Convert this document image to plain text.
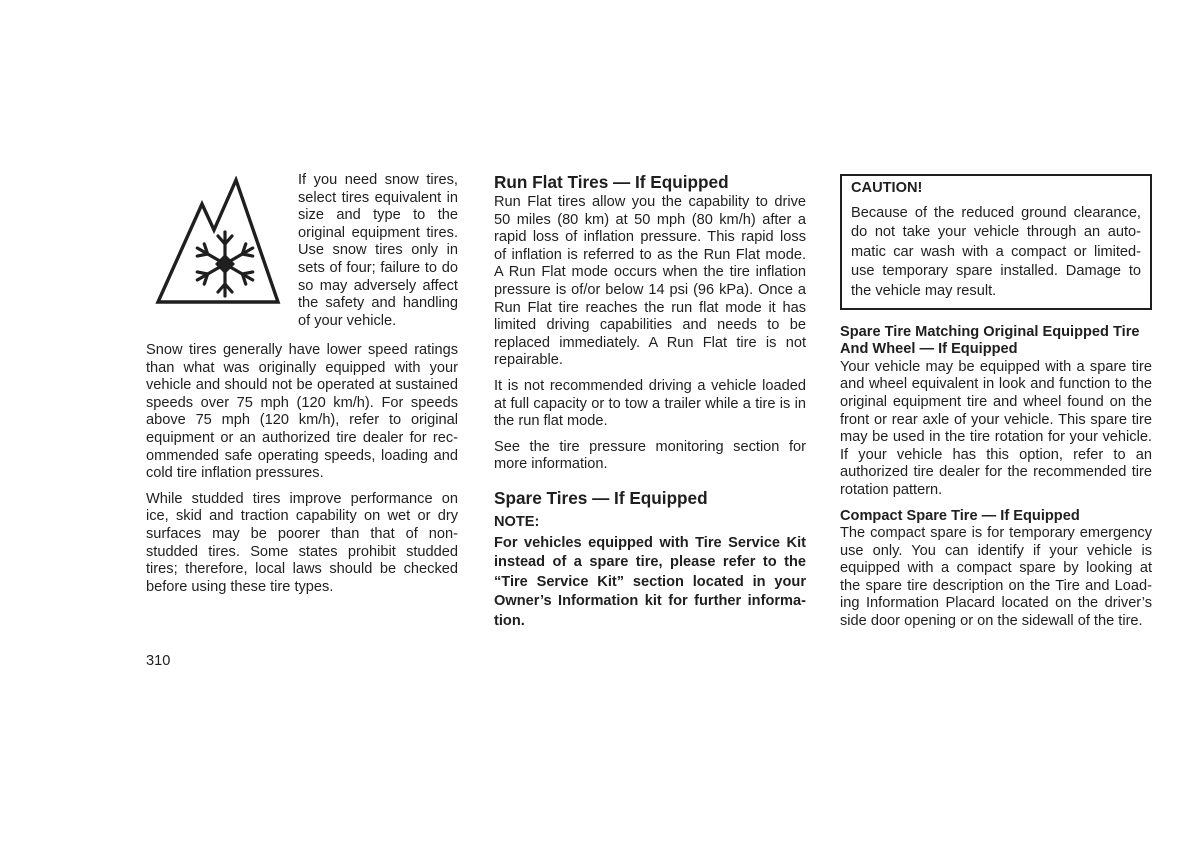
If you need snow tires, select tires equivalent in size and type to the original equipment tires. Use snow tires only in sets of four; failure to do so may adversely affect the safety and handling of your vehicle.

Snow tires generally have lower speed ratings than what was originally equipped with your vehicle and should not be operated at sustained speeds over 75 mph (120 km/h). For speeds above 75 mph (120 km/h), refer to original equipment or an authorized tire dealer for rec-ommended safe operating speeds, loading and cold tire inflation pressures.

While studded tires improve performance on ice, skid and traction capability on wet or dry surfaces may be poorer than that of non-studded tires. Some states prohibit studded tires; therefore, local laws should be checked before using these tire types.

Run Flat Tires — If Equipped

Run Flat tires allow you the capability to drive 50 miles (80 km) at 50 mph (80 km/h) after a rapid loss of inflation pressure. This rapid loss of inflation is referred to as the Run Flat mode. A Run Flat mode occurs when the tire inflation pressure is of/or below 14 psi (96 kPa). Once a Run Flat tire reaches the run flat mode it has limited driving capabilities and needs to be replaced immediately. A Run Flat tire is not repairable.

It is not recommended driving a vehicle loaded at full capacity or to tow a trailer while a tire is in the run flat mode.

See the tire pressure monitoring section for more information.

Spare Tires — If Equipped
NOTE:
For vehicles equipped with Tire Service Kit instead of a spare tire, please refer to the “Tire Service Kit” section located in your Owner’s Information kit for further informa-tion.
CAUTION!
Because of the reduced ground clearance, do not take your vehicle through an auto-matic car wash with a compact or limited-use temporary spare installed. Damage to the vehicle may result.
Spare Tire Matching Original Equipped Tire And Wheel — If Equipped

Your vehicle may be equipped with a spare tire and wheel equivalent in look and function to the original equipment tire and wheel found on the front or rear axle of your vehicle. This spare tire may be used in the tire rotation for your vehicle. If your vehicle has this option, refer to an authorized tire dealer for the recommended tire rotation pattern.

Compact Spare Tire — If Equipped

The compact spare is for temporary emergency use only. You can identify if your vehicle is equipped with a compact spare by looking at the spare tire description on the Tire and Load-ing Information Placard located on the driver’s side door opening or on the sidewall of the tire.

310
